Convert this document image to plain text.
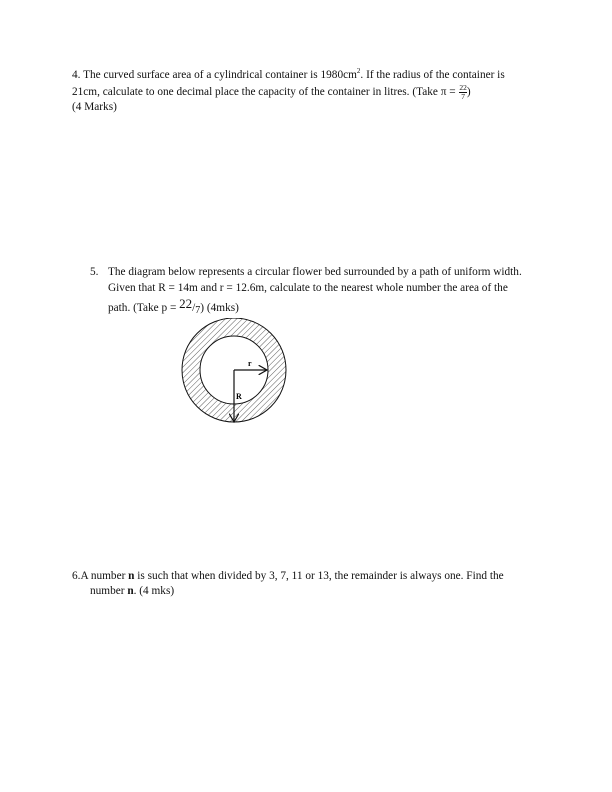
4. The curved surface area of a cylindrical container is $1980cm^2$. If the radius of the container is
21cm, calculate to one decimal place the capacity of the container in litres. (Take $\pi = \frac{22}{7}$ )
(4 Marks)
5. The diagram below represents a circular flower bed surrounded by a path of uniform width.
Given that R = 14m and r = 12.6m, calculate to the nearest whole number the area of the
path. (Take p = 22/7) (4mks)
r
R
6.A number n is such that when divided by 3, 7, 11 or 13, the remainder is always one. Find the
number n. (4 mks)
